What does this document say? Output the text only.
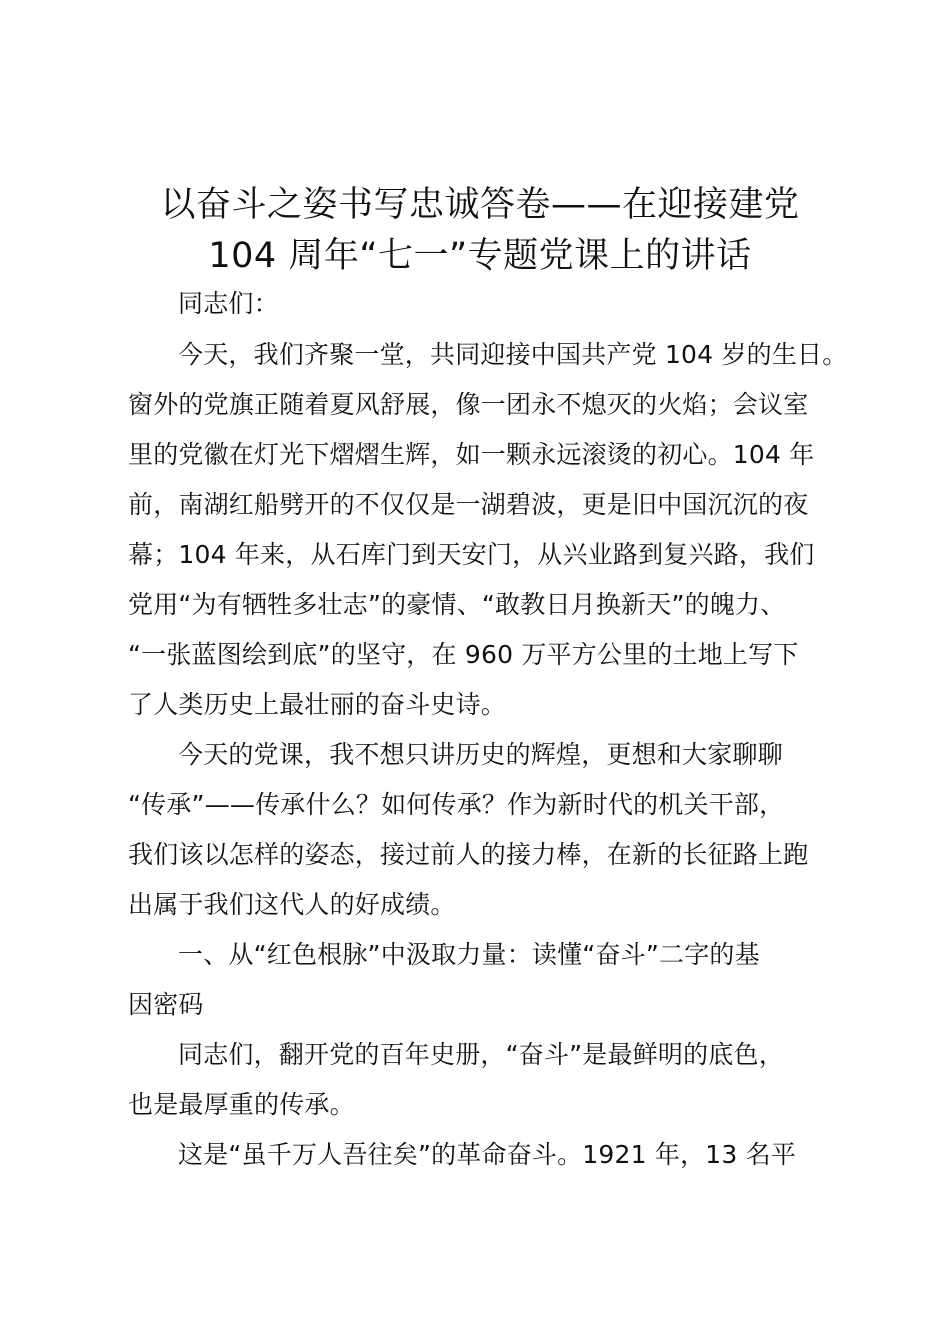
以奋斗之姿书写忠诚答卷——在迎接建党
104 周年“七一”专题党课上的讲话
同志们：
今天，我们齐聚一堂，共同迎接中国共产党 104 岁的生日。
窗外的党旗正随着夏风舒展，像一团永不熄灭的火焰；会议室
里的党徽在灯光下熠熠生辉，如一颗永远滚烫的初心。104 年
前，南湖红船劈开的不仅仅是一湖碧波，更是旧中国沉沉的夜
幕；104 年来，从石库门到天安门，从兴业路到复兴路，我们
党用“为有牺牲多壮志”的豪情、“敢教日月换新天”的魄力、
“一张蓝图绘到底”的坚守，在 960 万平方公里的土地上写下
了人类历史上最壮丽的奋斗史诗。
今天的党课，我不想只讲历史的辉煌，更想和大家聊聊
“传承”——传承什么？如何传承？作为新时代的机关干部，
我们该以怎样的姿态，接过前人的接力棒，在新的长征路上跑
出属于我们这代人的好成绩。
一、从“红色根脉”中汲取力量：读懂“奋斗”二字的基
因密码
同志们，翻开党的百年史册，“奋斗”是最鲜明的底色，
也是最厚重的传承。
这是“虽千万人吾往矣”的革命奋斗。1921 年，13 名平
